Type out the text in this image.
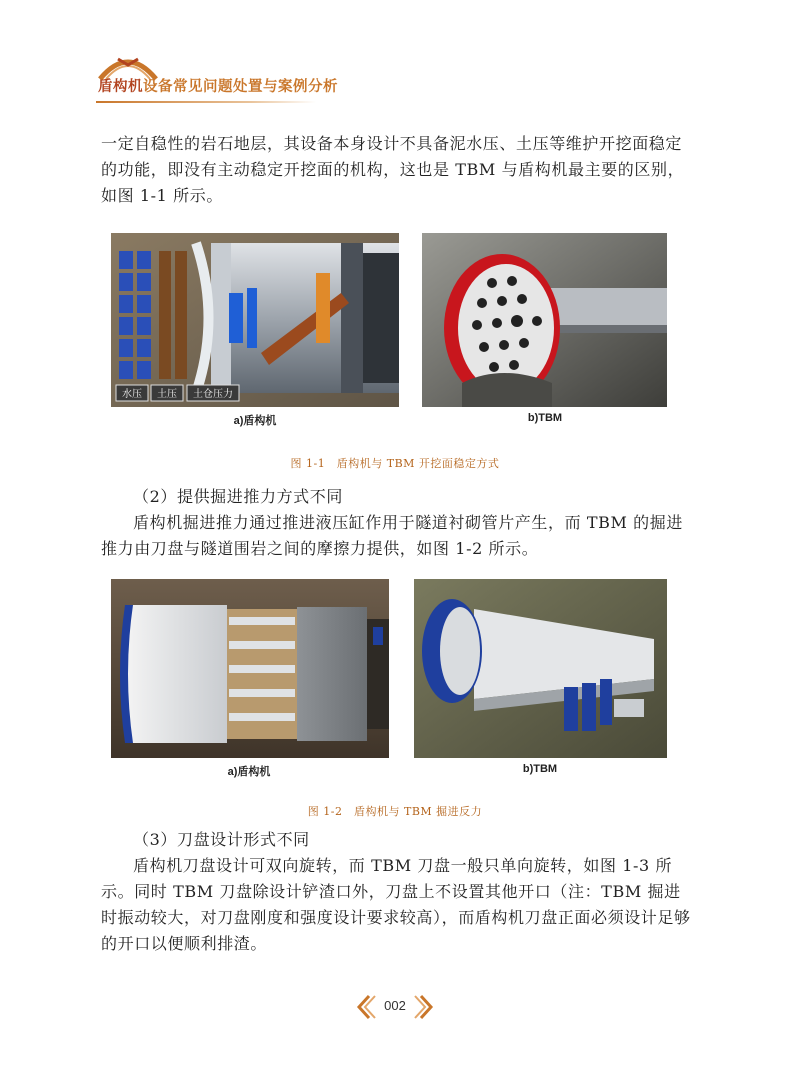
盾构机设备常见问题处置与案例分析

一定自稳性的岩石地层，其设备本身设计不具备泥水压、土压等维护开挖面稳定的功能，即没有主动稳定开挖面的机构，这也是 TBM 与盾构机最主要的区别，如图 1-1 所示。

水压 土压 土仓压力
a)盾构机	b)TBM
图 1-1　盾构机与 TBM 开挖面稳定方式

（2）提供掘进推力方式不同

盾构机掘进推力通过推进液压缸作用于隧道衬砌管片产生，而 TBM 的掘进推力由刀盘与隧道围岩之间的摩擦力提供，如图 1-2 所示。

a)盾构机	b)TBM
图 1-2　盾构机与 TBM 掘进反力

（3）刀盘设计形式不同

盾构机刀盘设计可双向旋转，而 TBM 刀盘一般只单向旋转，如图 1-3 所示。同时 TBM 刀盘除设计铲渣口外，刀盘上不设置其他开口（注：TBM 掘进时振动较大，对刀盘刚度和强度设计要求较高），而盾构机刀盘正面必须设计足够的开口以便顺利排渣。

002
